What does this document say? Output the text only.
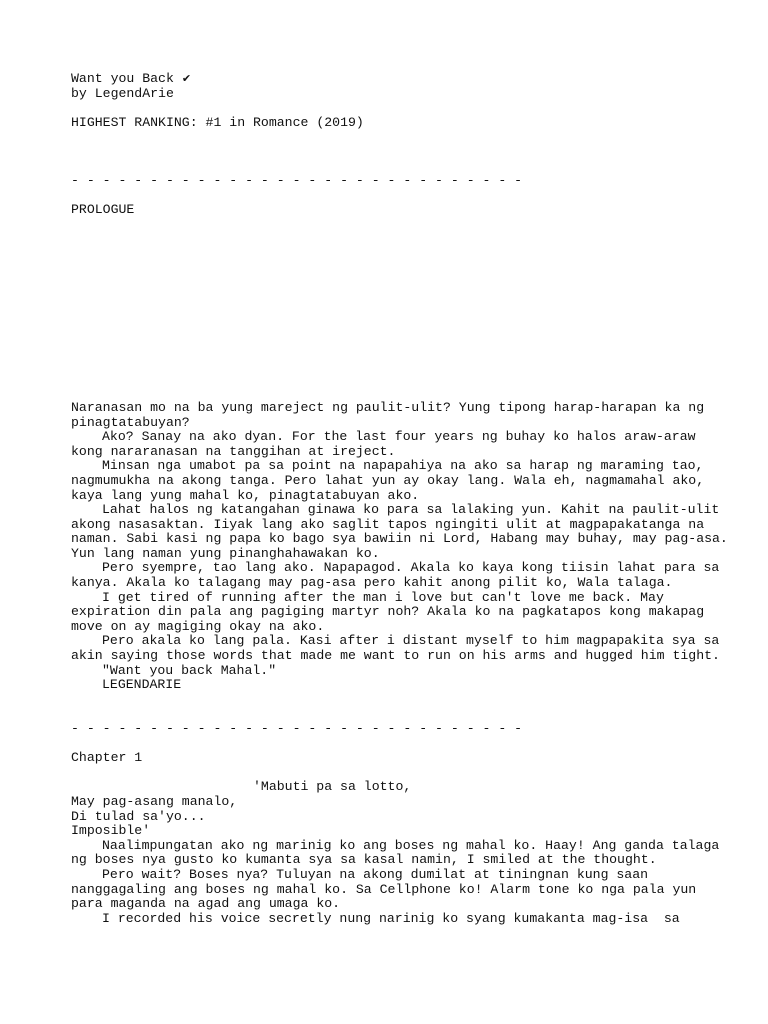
Want you Back ✔
by LegendArie
HIGHEST RANKING: #1 in Romance (2019)
- - - - - - - - - - - - - - - - - - - - - - - - - - - - -
PROLOGUE
Naranasan mo na ba yung mareject ng paulit-ulit? Yung tipong harap-harapan ka ng
pinagtatabuyan?
Ako? Sanay na ako dyan. For the last four years ng buhay ko halos araw-araw
kong nararanasan na tanggihan at ireject.
Minsan nga umabot pa sa point na napapahiya na ako sa harap ng maraming tao,
nagmumukha na akong tanga. Pero lahat yun ay okay lang. Wala eh, nagmamahal ako,
kaya lang yung mahal ko, pinagtatabuyan ako.
Lahat halos ng katangahan ginawa ko para sa lalaking yun. Kahit na paulit-ulit
akong nasasaktan. Iiyak lang ako saglit tapos ngingiti ulit at magpapakatanga na
naman. Sabi kasi ng papa ko bago sya bawiin ni Lord, Habang may buhay, may pag-asa.
Yun lang naman yung pinanghahawakan ko.
Pero syempre, tao lang ako. Napapagod. Akala ko kaya kong tiisin lahat para sa
kanya. Akala ko talagang may pag-asa pero kahit anong pilit ko, Wala talaga.
I get tired of running after the man i love but can't love me back. May
expiration din pala ang pagiging martyr noh? Akala ko na pagkatapos kong makapag
move on ay magiging okay na ako.
Pero akala ko lang pala. Kasi after i distant myself to him magpapakita sya sa
akin saying those words that made me want to run on his arms and hugged him tight.
"Want you back Mahal."
LEGENDARIE
- - - - - - - - - - - - - - - - - - - - - - - - - - - - -
Chapter 1
'Mabuti pa sa lotto,
May pag-asang manalo,
Di tulad sa'yo...
Imposible'
Naalimpungatan ako ng marinig ko ang boses ng mahal ko. Haay! Ang ganda talaga
ng boses nya gusto ko kumanta sya sa kasal namin, I smiled at the thought.
Pero wait? Boses nya? Tuluyan na akong dumilat at tiningnan kung saan
nanggagaling ang boses ng mahal ko. Sa Cellphone ko! Alarm tone ko nga pala yun
para maganda na agad ang umaga ko.
I recorded his voice secretly nung narinig ko syang kumakanta mag-isa  sa
